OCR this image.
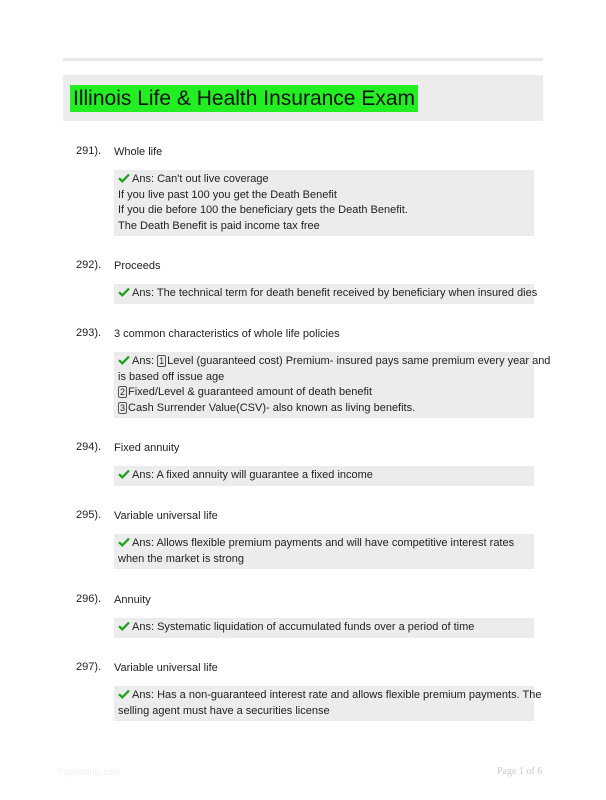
Illinois Life & Health Insurance Exam
291). Whole life
Ans: Can't out live coverage
If you live past 100 you get the Death Benefit
If you die before 100 the beneficiary gets the Death Benefit.
The Death Benefit is paid income tax free
292). Proceeds
Ans: The technical term for death benefit received by beneficiary when insured dies
293). 3 common characteristics of whole life policies
Ans: 1 Level (guaranteed cost) Premium- insured pays same premium every year and
is based off issue age
2 Fixed/Level & guaranteed amount of death benefit
3 Cash Surrender Value(CSV)- also known as living benefits.
294). Fixed annuity
Ans: A fixed annuity will guarantee a fixed income
295). Variable universal life
Ans: Allows flexible premium payments and will have competitive interest rates
when the market is strong
296). Annuity
Ans: Systematic liquidation of accumulated funds over a period of time
297). Variable universal life
Ans: Has a non-guaranteed interest rate and allows flexible premium payments. The
selling agent must have a securities license
Papertonic.com	Page 1 of 6
